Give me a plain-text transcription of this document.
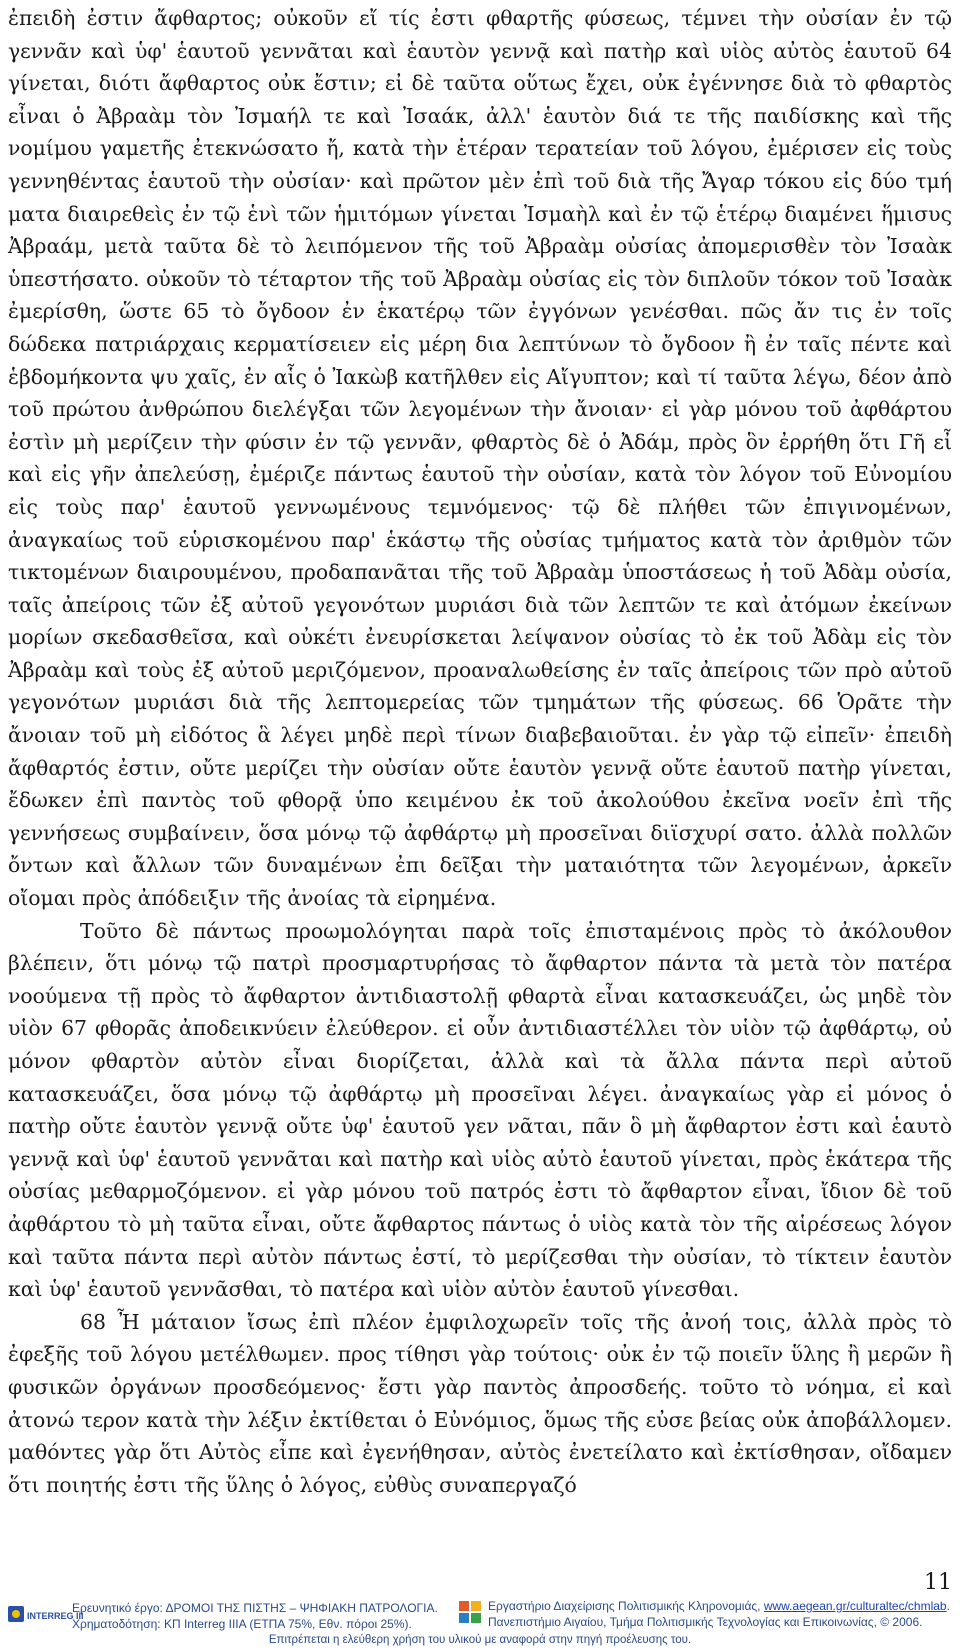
ἐπειδὴ ἐστιν ἄφθαρτος; οὐκοῦν εἴ τίς ἐστι φθαρτῆς φύσεως, τέμνει τὴν οὐσίαν ἐν τῷ γεννᾶν καὶ ὑφ' ἑαυτοῦ γεννᾶται καὶ ἑαυτὸν γεννᾷ καὶ πατὴρ καὶ υἱὸς αὐτὸς ἑαυτοῦ 64 γίνεται, διότι ἄφθαρτος οὐκ ἔστιν; εἰ δὲ ταῦτα οὕτως ἔχει, οὐκ ἐγέννησε διὰ τὸ φθαρτὸς εἶναι ὁ Ἀβραὰμ τὸν Ἰσμαήλ τε καὶ Ἰσαάκ, ἀλλ' ἑαυτὸν διά τε τῆς παιδίσκης καὶ τῆς νομίμου γαμετῆς ἐτεκνώσατο ἤ, κατὰ τὴν ἑτέραν τερατείαν τοῦ λόγου, ἐμέρισεν εἰς τοὺς γεννηθέντας ἑαυτοῦ τὴν οὐσίαν· καὶ πρῶτον μὲν ἐπὶ τοῦ διὰ τῆς Ἄγαρ τόκου εἰς δύο τμή ματα διαιρεθεὶς ἐν τῷ ἑνὶ τῶν ἡμιτόμων γίνεται Ἰσμαὴλ καὶ ἐν τῷ ἑτέρῳ διαμένει ἥμισυς Ἀβραάμ, μετὰ ταῦτα δὲ τὸ λειπόμενον τῆς τοῦ Ἀβραὰμ οὐσίας ἀπομερισθὲν τὸν Ἰσαὰκ ὑπεστήσατο. οὐκοῦν τὸ τέταρτον τῆς τοῦ Ἀβραὰμ οὐσίας εἰς τὸν διπλοῦν τόκον τοῦ Ἰσαὰκ ἐμερίσθη, ὥστε 65 τὸ ὄγδοον ἐν ἑκατέρῳ τῶν ἐγγόνων γενέσθαι. πῶς ἄν τις ἐν τοῖς δώδεκα πατριάρχαις κερματίσειεν εἰς μέρη δια λεπτύνων τὸ ὄγδοον ἢ ἐν ταῖς πέντε καὶ ἑβδομήκοντα ψυ χαῖς, ἐν αἷς ὁ Ἰακὼβ κατῆλθεν εἰς Αἴγυπτον; καὶ τί ταῦτα λέγω, δέον ἀπὸ τοῦ πρώτου ἀνθρώπου διελέγξαι τῶν λεγομένων τὴν ἄνοιαν· εἰ γὰρ μόνου τοῦ ἀφθάρτου ἐστὶν μὴ μερίζειν τὴν φύσιν ἐν τῷ γεννᾶν, φθαρτὸς δὲ ὁ Ἀδάμ, πρὸς ὃν ἐρρήθη ὅτι Γῆ εἶ καὶ εἰς γῆν ἀπελεύσῃ, ἐμέριζε πάντως ἑαυτοῦ τὴν οὐσίαν, κατὰ τὸν λόγον τοῦ Εὐνομίου εἰς τοὺς παρ' ἑαυτοῦ γεννωμένους τεμνόμενος· τῷ δὲ πλήθει τῶν ἐπιγινομένων, ἀναγκαίως τοῦ εὑρισκομένου παρ' ἑκάστῳ τῆς οὐσίας τμήματος κατὰ τὸν ἀριθμὸν τῶν τικτομένων διαιρουμένου, προδαπανᾶται τῆς τοῦ Ἀβραὰμ ὑποστάσεως ἡ τοῦ Ἀδὰμ οὐσία, ταῖς ἀπείροις τῶν ἐξ αὐτοῦ γεγονότων μυριάσι διὰ τῶν λεπτῶν τε καὶ ἀτόμων ἐκείνων μορίων σκεδασθεῖσα, καὶ οὐκέτι ἐνευρίσκεται λείψανον οὐσίας τὸ ἐκ τοῦ Ἀδὰμ εἰς τὸν Ἀβραὰμ καὶ τοὺς ἐξ αὐτοῦ μεριζόμενον, προαναλωθείσης ἐν ταῖς ἀπείροις τῶν πρὸ αὐτοῦ γεγονότων μυριάσι διὰ τῆς λεπτομερείας τῶν τμημάτων τῆς φύσεως. 66 Ὁρᾶτε τὴν ἄνοιαν τοῦ μὴ εἰδότος ἃ λέγει μηδὲ περὶ τίνων διαβεβαιοῦται. ἐν γὰρ τῷ εἰπεῖν· ἐπειδὴ ἄφθαρτός ἐστιν, οὔτε μερίζει τὴν οὐσίαν οὔτε ἑαυτὸν γεννᾷ οὔτε ἑαυτοῦ πατὴρ γίνεται, ἔδωκεν ἐπὶ παντὸς τοῦ φθορᾷ ὑπο κειμένου ἐκ τοῦ ἀκολούθου ἐκεῖνα νοεῖν ἐπὶ τῆς γεννήσεως συμβαίνειν, ὅσα μόνῳ τῷ ἀφθάρτῳ μὴ προσεῖναι διϊσχυρί σατο. ἀλλὰ πολλῶν ὄντων καὶ ἄλλων τῶν δυναμένων ἐπι δεῖξαι τὴν ματαιότητα τῶν λεγομένων, ἀρκεῖν οἴομαι πρὸς ἀπόδειξιν τῆς ἀνοίας τὰ εἰρημένα.

Τοῦτο δὲ πάντως προωμολόγηται παρὰ τοῖς ἐπισταμένοις πρὸς τὸ ἀκόλουθον βλέπειν, ὅτι μόνῳ τῷ πατρὶ προσμαρτυρήσας τὸ ἄφθαρτον πάντα τὰ μετὰ τὸν πατέρα νοούμενα τῇ πρὸς τὸ ἄφθαρτον ἀντιδιαστολῇ φθαρτὰ εἶναι κατασκευάζει, ὡς μηδὲ τὸν υἱὸν 67 φθορᾶς ἀποδεικνύειν ἐλεύθερον. εἰ οὖν ἀντιδιαστέλλει τὸν υἱὸν τῷ ἀφθάρτῳ, οὐ μόνον φθαρτὸν αὐτὸν εἶναι διορίζεται, ἀλλὰ καὶ τὰ ἄλλα πάντα περὶ αὐτοῦ κατασκευάζει, ὅσα μόνῳ τῷ ἀφθάρτῳ μὴ προσεῖναι λέγει. ἀναγκαίως γὰρ εἰ μόνος ὁ πατὴρ οὔτε ἑαυτὸν γεννᾷ οὔτε ὑφ' ἑαυτοῦ γεν νᾶται, πᾶν ὃ μὴ ἄφθαρτον ἐστι καὶ ἑαυτὸ γεννᾷ καὶ ὑφ' ἑαυτοῦ γεννᾶται καὶ πατὴρ καὶ υἱὸς αὐτὸ ἑαυτοῦ γίνεται, πρὸς ἑκάτερα τῆς οὐσίας μεθαρμοζόμενον. εἰ γὰρ μόνου τοῦ πατρός ἐστι τὸ ἄφθαρτον εἶναι, ἴδιον δὲ τοῦ ἀφθάρτου τὸ μὴ ταῦτα εἶναι, οὔτε ἄφθαρτος πάντως ὁ υἱὸς κατὰ τὸν τῆς αἱρέσεως λόγον καὶ ταῦτα πάντα περὶ αὐτὸν πάντως ἐστί, τὸ μερίζεσθαι τὴν οὐσίαν, τὸ τίκτειν ἑαυτὸν καὶ ὑφ' ἑαυτοῦ γεννᾶσθαι, τὸ πατέρα καὶ υἱὸν αὐτὸν ἑαυτοῦ γίνεσθαι.

68 Ἦ μάταιον ἴσως ἐπὶ πλέον ἐμφιλοχωρεῖν τοῖς τῆς ἀνοή τοις, ἀλλὰ πρὸς τὸ ἐφεξῆς τοῦ λόγου μετέλθωμεν. προς τίθησι γὰρ τούτοις· οὐκ ἐν τῷ ποιεῖν ὕλης ἢ μερῶν ἢ φυσικῶν ὀργάνων προσδεόμενος· ἔστι γὰρ παντὸς ἀπροσδεής. τοῦτο τὸ νόημα, εἰ καὶ ἀτονώ τερον κατὰ τὴν λέξιν ἐκτίθεται ὁ Εὐνόμιος, ὅμως τῆς εὐσε βείας οὐκ ἀποβάλλομεν. μαθόντες γὰρ ὅτι Αὐτὸς εἶπε καὶ ἐγενήθησαν, αὐτὸς ἐνετείλατο καὶ ἐκτίσθησαν, οἴδαμεν ὅτι ποιητής ἐστι τῆς ὕλης ὁ λόγος, εὐθὺς συναπεργαζό

11
INTERREG III
Ερευνητικό έργο: ΔΡΟΜΟΙ ΤΗΣ ΠΙΣΤΗΣ – ΨΗΦΙΑΚΗ ΠΑΤΡΟΛΟΓΙΑ.
Χρηματοδότηση: ΚΠ Interreg IIIA (ΕΤΠΑ 75%, Εθν. πόροι 25%).
Εργαστήριο Διαχείρισης Πολιτισμικής Κληρονομιάς, www.aegean.gr/culturaltec/chmlab.
Πανεπιστήμιο Αιγαίου, Τμήμα Πολιτισμικής Τεχνολογίας και Επικοινωνίας, © 2006.
Επιτρέπεται η ελεύθερη χρήση του υλικού με αναφορά στην πηγή προέλευσης του.
